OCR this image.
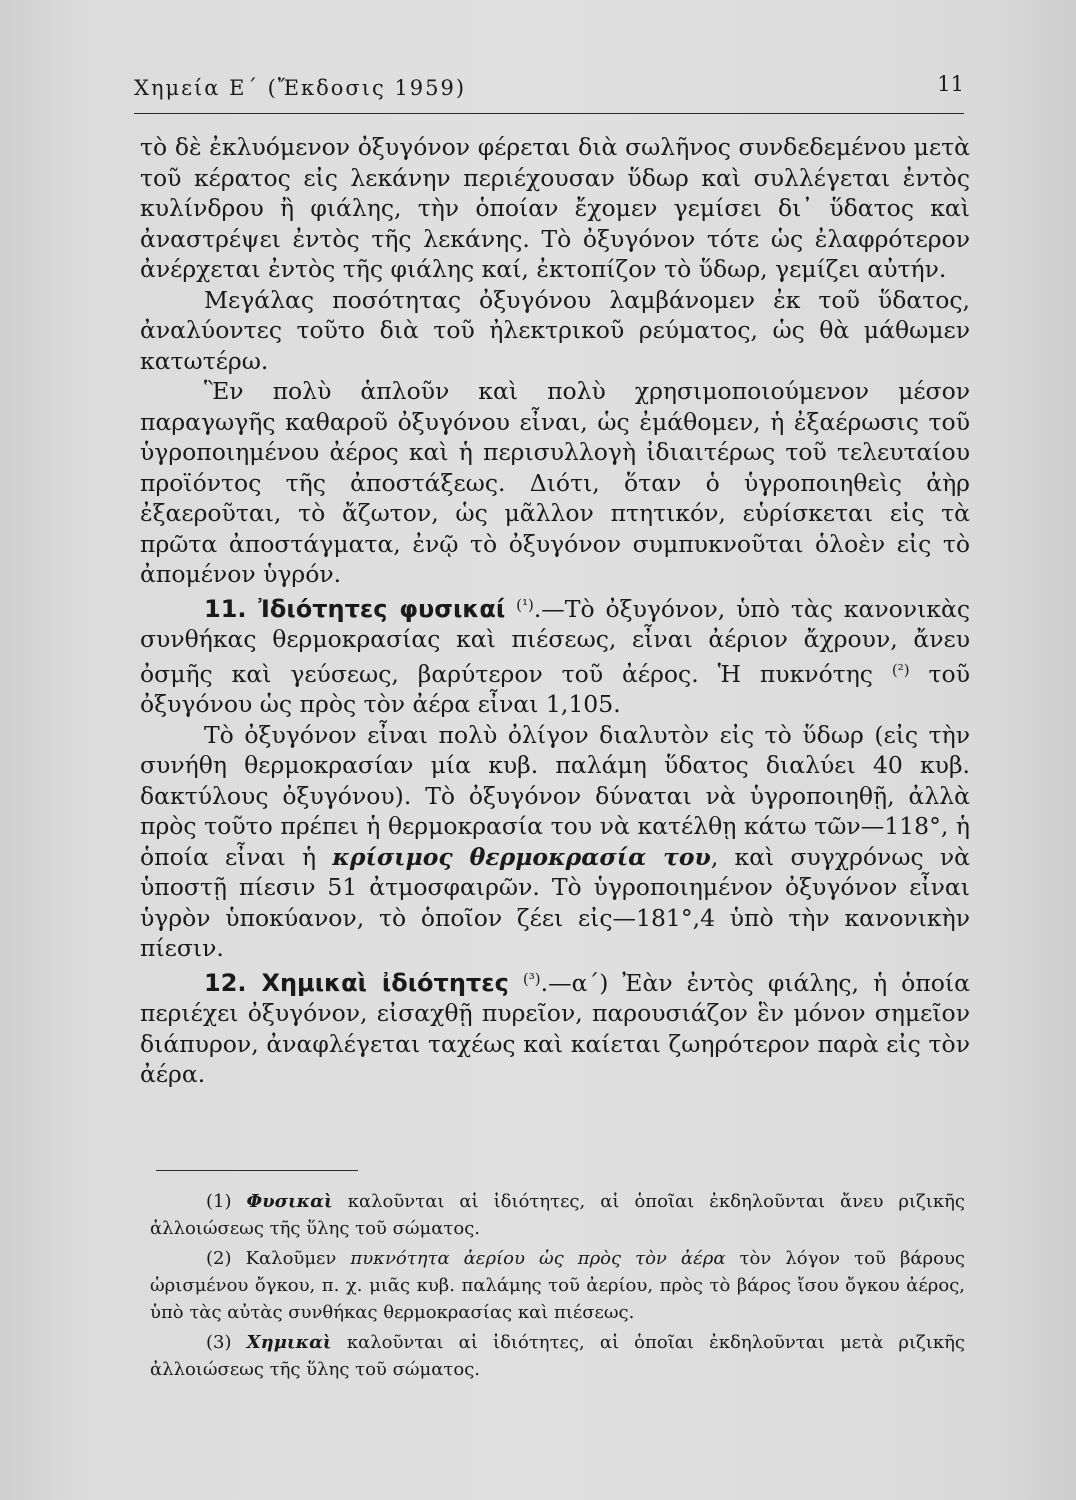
Χημεία Ε΄ (Ἔκδοσις 1959)	11

τὸ δὲ ἐκλυόμενον ὀξυγόνον φέρεται διὰ σωλῆνος συνδεδεμένου μετὰ τοῦ κέρατος εἰς λεκάνην περιέχουσαν ὕδωρ καὶ συλλέγεται ἐντὸς κυλίνδρου ἢ φιάλης, τὴν ὁποίαν ἔχομεν γεμίσει δι᾿ ὕδατος καὶ ἀναστρέψει ἐντὸς τῆς λεκάνης. Τὸ ὀξυγόνον τότε ὡς ἐλαφρότερον ἀνέρχεται ἐντὸς τῆς φιάλης καί, ἐκτοπίζον τὸ ὕδωρ, γεμίζει αὐτήν.

Μεγάλας ποσότητας ὀξυγόνου λαμβάνομεν ἐκ τοῦ ὕδατος, ἀναλύοντες τοῦτο διὰ τοῦ ἠλεκτρικοῦ ρεύματος, ὡς θὰ μάθωμεν κατωτέρω.

Ἓν πολὺ ἁπλοῦν καὶ πολὺ χρησιμοποιούμενον μέσον παραγωγῆς καθαροῦ ὀξυγόνου εἶναι, ὡς ἐμάθομεν, ἡ ἐξαέρωσις τοῦ ὑγροποιημένου ἀέρος καὶ ἡ περισυλλογὴ ἰδιαιτέρως τοῦ τελευταίου προϊόντος τῆς ἀποστάξεως. Διότι, ὅταν ὁ ὑγροποιηθεὶς ἀὴρ ἐξαεροῦται, τὸ ἄζωτον, ὡς μᾶλλον πτητικόν, εὑρίσκεται εἰς τὰ πρῶτα ἀποστάγματα, ἐνῷ τὸ ὀξυγόνον συμπυκνοῦται ὁλοὲν εἰς τὸ ἀπομένον ὑγρόν.

11. Ἰδιότητες φυσικαί $^{(^1)}$.—Τὸ ὀξυγόνον, ὑπὸ τὰς κανονικὰς συνθήκας θερμοκρασίας καὶ πιέσεως, εἶναι ἀέριον ἄχρουν, ἄνευ ὀσμῆς καὶ γεύσεως, βαρύτερον τοῦ ἀέρος. Ἡ πυκνότης $^{(^2)}$ τοῦ ὀξυγόνου ὡς πρὸς τὸν ἀέρα εἶναι 1,105.

Τὸ ὀξυγόνον εἶναι πολὺ ὀλίγον διαλυτὸν εἰς τὸ ὕδωρ (εἰς τὴν συνήθη θερμοκρασίαν μία κυβ. παλάμη ὕδατος διαλύει 40 κυβ. δακτύλους ὀξυγόνου). Τὸ ὀξυγόνον δύναται νὰ ὑγροποιηθῇ, ἀλλὰ πρὸς τοῦτο πρέπει ἡ θερμοκρασία του νὰ κατέλθῃ κάτω τῶν—118°, ἡ ὁποία εἶναι ἡ κρίσιμος θερμοκρασία του, καὶ συγχρόνως νὰ ὑποστῇ πίεσιν 51 ἀτμοσφαιρῶν. Τὸ ὑγροποιημένον ὀξυγόνον εἶναι ὑγρὸν ὑποκύανον, τὸ ὁποῖον ζέει εἰς—181°,4 ὑπὸ τὴν κανονικὴν πίεσιν.

12. Χημικαὶ ἰδιότητες $^{(^3)}$.—α΄) Ἐὰν ἐντὸς φιάλης, ἡ ὁποία περιέχει ὀξυγόνον, εἰσαχθῇ πυρεῖον, παρουσιάζον ἓν μόνον σημεῖον διάπυρον, ἀναφλέγεται ταχέως καὶ καίεται ζωηρότερον παρὰ εἰς τὸν ἀέρα.

(1) Φυσικαὶ καλοῦνται αἱ ἰδιότητες, αἱ ὁποῖαι ἐκδηλοῦνται ἄνευ ριζικῆς ἀλλοιώσεως τῆς ὕλης τοῦ σώματος.

(2) Καλοῦμεν πυκνότητα ἀερίου ὡς πρὸς τὸν ἀέρα τὸν λόγον τοῦ βάρους ὡρισμένου ὄγκου, π. χ. μιᾶς κυβ. παλάμης τοῦ ἀερίου, πρὸς τὸ βάρος ἴσου ὄγκου ἀέρος, ὑπὸ τὰς αὐτὰς συνθήκας θερμοκρασίας καὶ πιέσεως.

(3) Χημικαὶ καλοῦνται αἱ ἰδιότητες, αἱ ὁποῖαι ἐκδηλοῦνται μετὰ ριζικῆς ἀλλοιώσεως τῆς ὕλης τοῦ σώματος.
